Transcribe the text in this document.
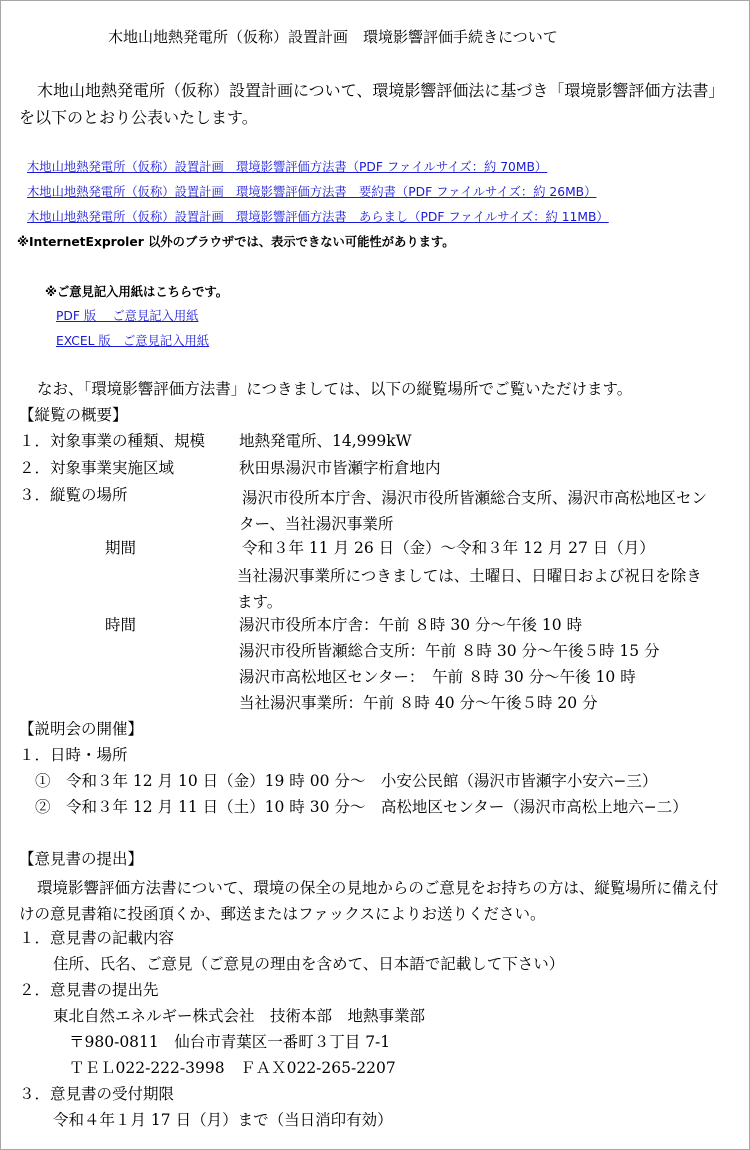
木地山地熱発電所（仮称）設置計画　環境影響評価手続きについて
木地山地熱発電所（仮称）設置計画について、環境影響評価法に基づき「環境影響評価方法書」を以下のとおり公表いたします。
木地山地熱発電所（仮称）設置計画　環境影響評価方法書（PDF ファイルサイズ：約 70MB）
木地山地熱発電所（仮称）設置計画　環境影響評価方法書　要約書（PDF ファイルサイズ：約 26MB）
木地山地熱発電所（仮称）設置計画　環境影響評価方法書　あらまし（PDF ファイルサイズ：約 11MB）
※InternetExproler 以外のブラウザでは、表示できない可能性があります。
※ご意見記入用紙はこちらです。
PDF 版　 ご意見記入用紙
EXCEL 版　ご意見記入用紙
なお、「環境影響評価方法書」につきましては、以下の縦覧場所でご覧いただけます。
【縦覧の概要】
１．対象事業の種類、規模 地熱発電所、14,999kW
２．対象事業実施区域	秋田県湯沢市皆瀬字桁倉地内
３．縦覧の場所	湯沢市役所本庁舎、湯沢市役所皆瀬総合支所、湯沢市高松地区センター、当社湯沢事業所
期間	令和３年 11 月 26 日（金）～令和３年 12 月 27 日（月）
当社湯沢事業所につきましては、土曜日、日曜日および祝日を除きます。
時間	湯沢市役所本庁舎：午前 ８時 30 分～午後 10 時
湯沢市役所皆瀬総合支所：午前 ８時 30 分～午後５時 15 分
湯沢市高松地区センター：　午前 ８時 30 分～午後 10 時
当社湯沢事業所：午前 ８時 40 分～午後５時 20 分
【説明会の開催】
１．日時・場所
①　令和３年 12 月 10 日（金）19 時 00 分～　小安公民館（湯沢市皆瀬字小安六−三）
②　令和３年 12 月 11 日（土）10 時 30 分～　高松地区センター（湯沢市高松上地六−二）
【意見書の提出】
環境影響評価方法書について、環境の保全の見地からのご意見をお持ちの方は、縦覧場所に備え付けの意見書箱に投函頂くか、郵送またはファックスによりお送りください。
１．意見書の記載内容
住所、氏名、ご意見（ご意見の理由を含めて、日本語で記載して下さい）
２．意見書の提出先
東北自然エネルギー株式会社　技術本部　地熱事業部
〒980-0811　仙台市青葉区一番町３丁目 7-1
ＴＥＬ022-222-3998　ＦＡＸ022-265-2207
３．意見書の受付期限
令和４年１月 17 日（月）まで（当日消印有効）
